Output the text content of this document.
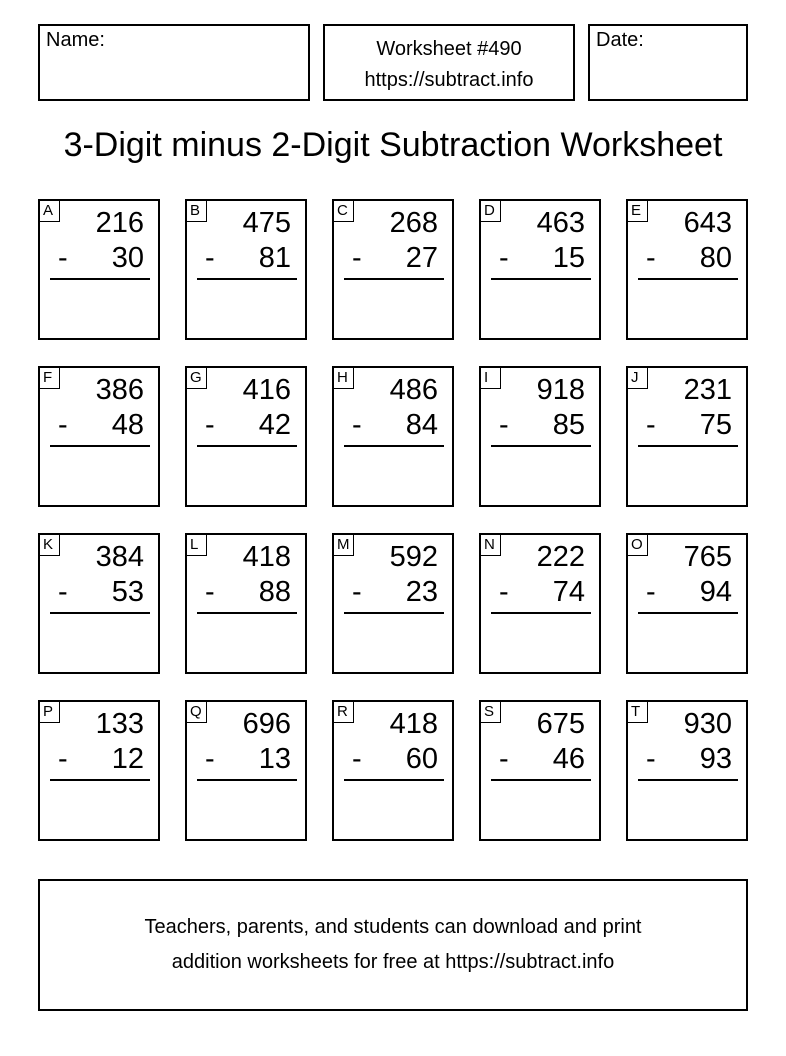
Name:	Worksheet #490
https://subtract.info
Date:
3-Digit minus 2-Digit Subtraction Worksheet
A 216
- 30
B 475
- 81
C 268
- 27
D 463
- 15
E 643
- 80
F 386
- 48
G 416
- 42
H 486
- 84
I	918
- 85
J	231
- 75
K 384
- 53
L 418
- 88
M 592
- 23
N 222
- 74
O 765
- 94
P 133
- 12
Q 696
- 13
R 418
- 60
S 675
- 46
T 930
- 93
Teachers, parents, and students can download and print
addition worksheets for free at https://subtract.info
